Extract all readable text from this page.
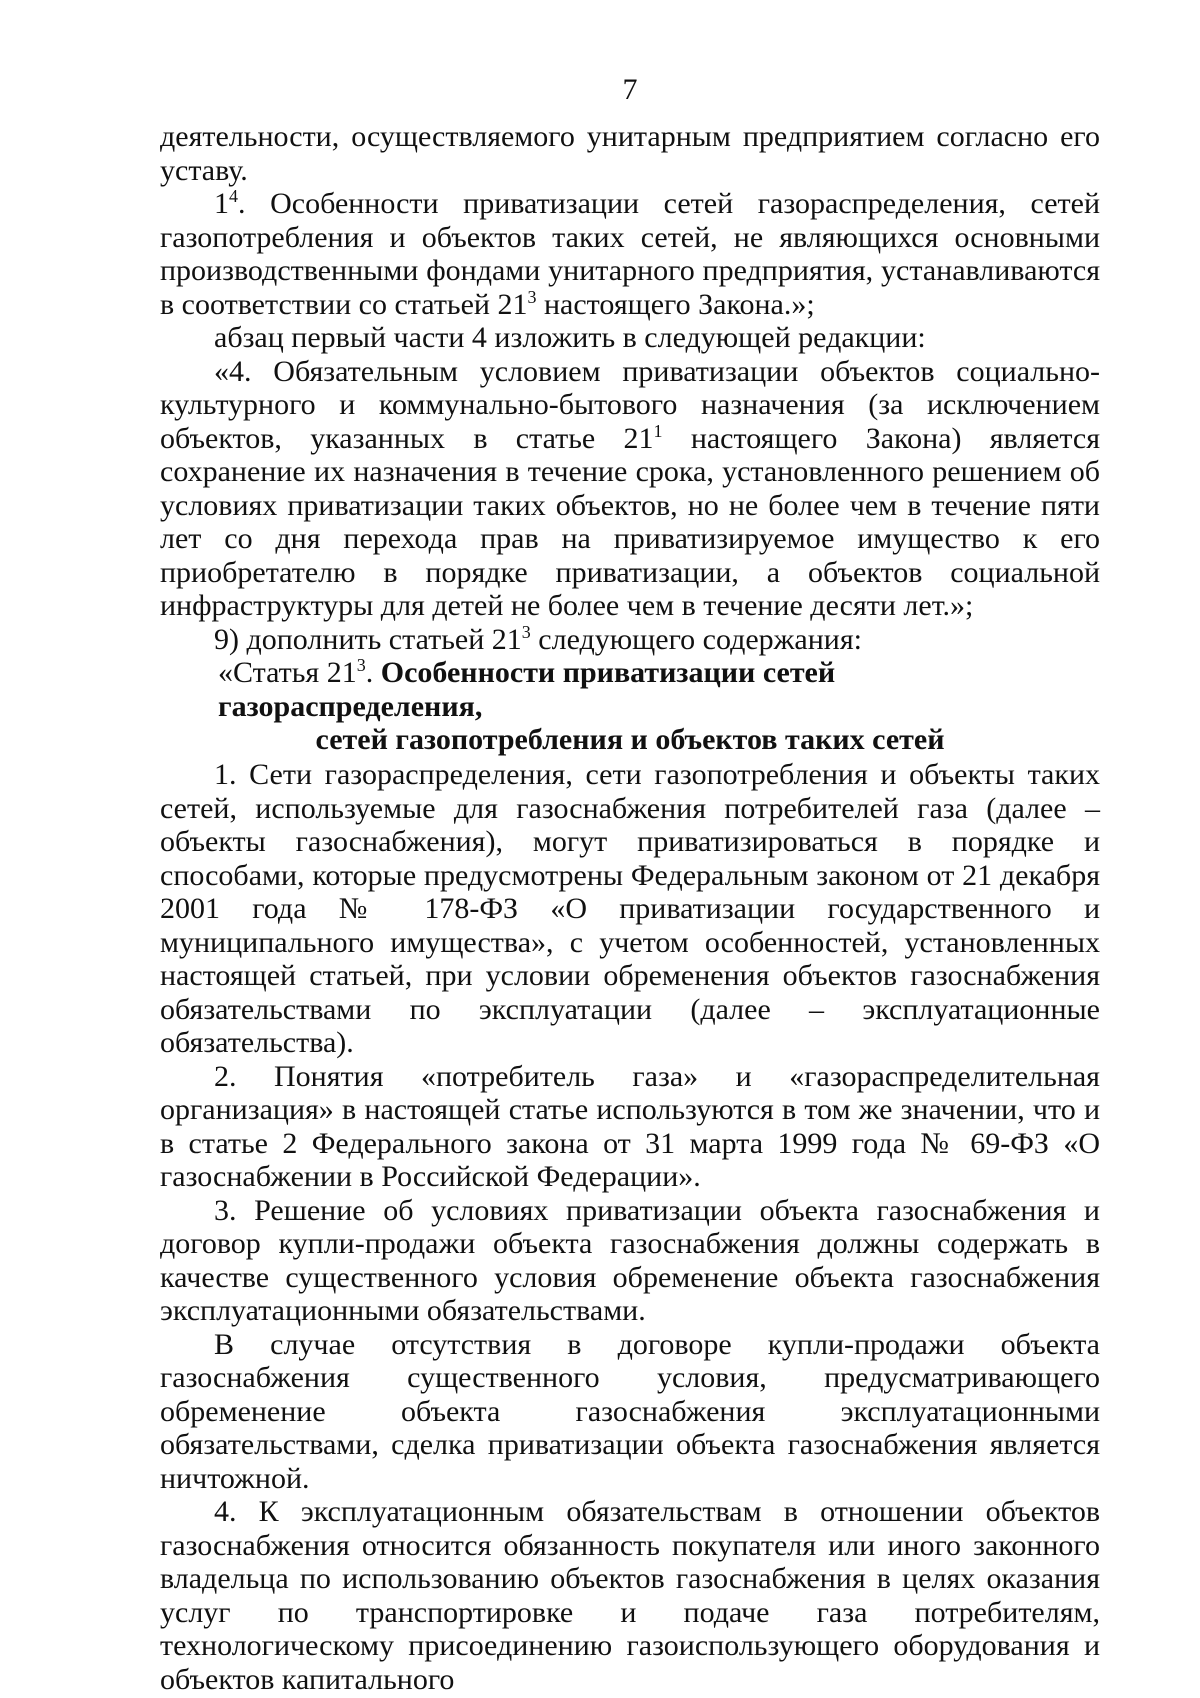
7

деятельности, осуществляемого унитарным предприятием согласно его уставу.

$1^4$. Особенности приватизации сетей газораспределения, сетей газопотребления и объектов таких сетей, не являющихся основными производственными фондами унитарного предприятия, устанавливаются в соответствии со статьей $21^3$ настоящего Закона.»;

абзац первый части 4 изложить в следующей редакции:

«4. Обязательным условием приватизации объектов социально-культурного и коммунально-бытового назначения (за исключением объектов, указанных в статье $21^1$ настоящего Закона) является сохранение их назначения в течение срока, установленного решением об условиях приватизации таких объектов, но не более чем в течение пяти лет со дня перехода прав на приватизируемое имущество к его приобретателю в порядке приватизации, а объектов социальной инфраструктуры для детей не более чем в течение десяти лет.»;

9) дополнить статьей $21^3$ следующего содержания:

«Статья $21^3$. Особенности приватизации сетей газораспределения,

сетей газопотребления и объектов таких сетей

1. Сети газораспределения, сети газопотребления и объекты таких сетей, используемые для газоснабжения потребителей газа (далее – объекты газоснабжения), могут приватизироваться в порядке и способами, которые предусмотрены Федеральным законом от 21 декабря 2001 года № 178-ФЗ «О приватизации государственного и муниципального имущества», с учетом особенностей, установленных настоящей статьей, при условии обременения объектов газоснабжения обязательствами по эксплуатации (далее – эксплуатационные обязательства).

2. Понятия «потребитель газа» и «газораспределительная организация» в настоящей статье используются в том же значении, что и в статье 2 Федерального закона от 31 марта 1999 года № 69-ФЗ «О газоснабжении в Российской Федерации».

3. Решение об условиях приватизации объекта газоснабжения и договор купли-продажи объекта газоснабжения должны содержать в качестве существенного условия обременение объекта газоснабжения эксплуатационными обязательствами.

В случае отсутствия в договоре купли-продажи объекта газоснабжения существенного условия, предусматривающего обременение объекта газоснабжения эксплуатационными обязательствами, сделка приватизации объекта газоснабжения является ничтожной.

4. К эксплуатационным обязательствам в отношении объектов газоснабжения относится обязанность покупателя или иного законного владельца по использованию объектов газоснабжения в целях оказания услуг по транспортировке и подаче газа потребителям, технологическому присоединению газоиспользующего оборудования и объектов капитального
